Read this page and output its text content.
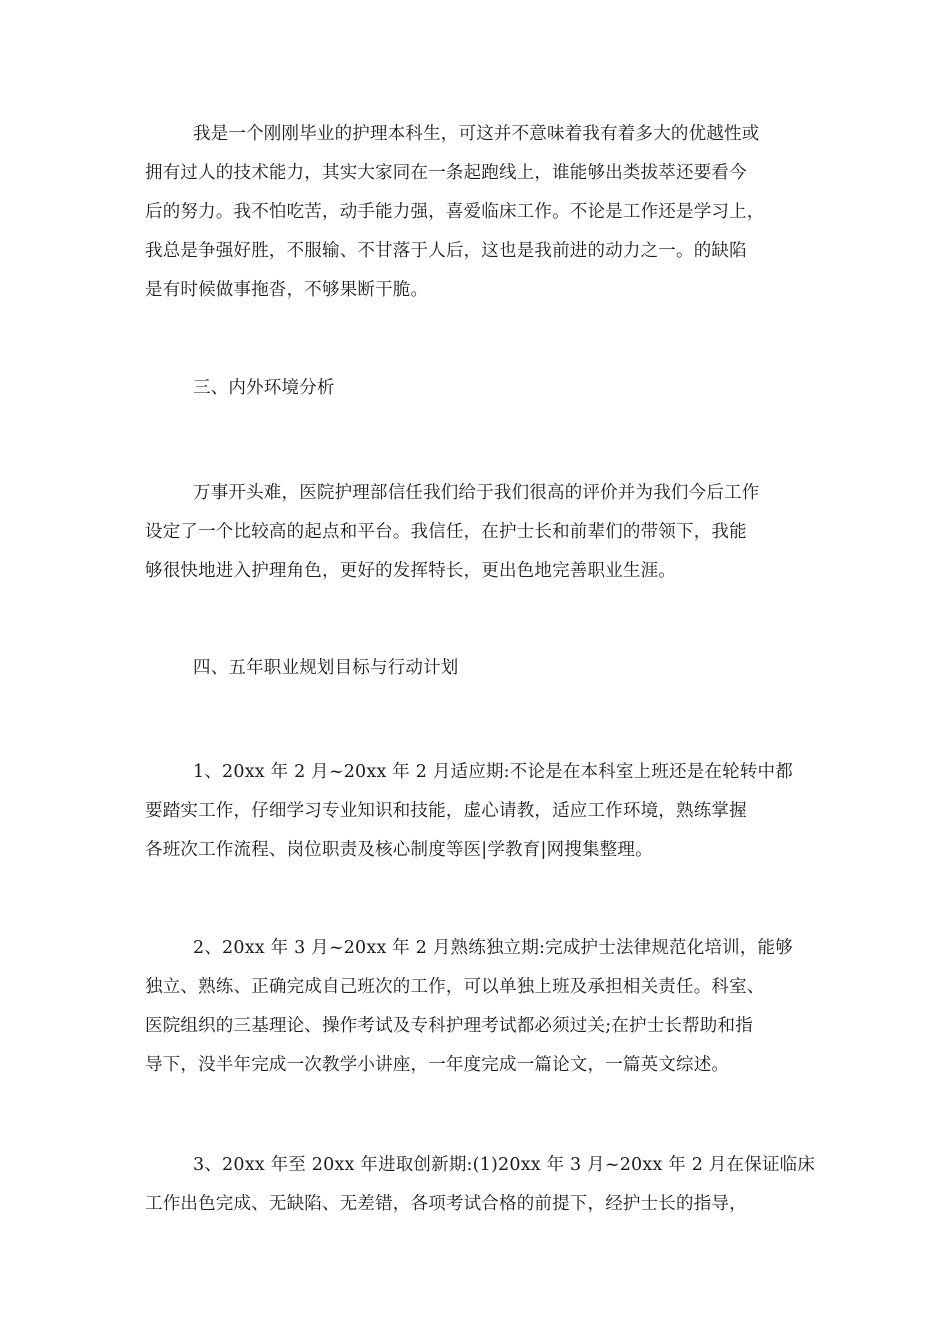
我是一个刚刚毕业的护理本科生，可这并不意味着我有着多大的优越性或
拥有过人的技术能力，其实大家同在一条起跑线上，谁能够出类拔萃还要看今
后的努力。我不怕吃苦，动手能力强，喜爱临床工作。不论是工作还是学习上，
我总是争强好胜，不服输、不甘落于人后，这也是我前进的动力之一。的缺陷
是有时候做事拖沓，不够果断干脆。
三、内外环境分析
万事开头难，医院护理部信任我们给于我们很高的评价并为我们今后工作
设定了一个比较高的起点和平台。我信任，在护士长和前辈们的带领下，我能
够很快地进入护理角色，更好的发挥特长，更出色地完善职业生涯。
四、五年职业规划目标与行动计划
1、20xx 年 2 月~20xx 年 2 月适应期:不论是在本科室上班还是在轮转中都
要踏实工作，仔细学习专业知识和技能，虚心请教，适应工作环境，熟练掌握
各班次工作流程、岗位职责及核心制度等医|学教育|网搜集整理。
2、20xx 年 3 月~20xx 年 2 月熟练独立期:完成护士法律规范化培训，能够
独立、熟练、正确完成自己班次的工作，可以单独上班及承担相关责任。科室、
医院组织的三基理论、操作考试及专科护理考试都必须过关;在护士长帮助和指
导下，没半年完成一次教学小讲座，一年度完成一篇论文，一篇英文综述。
3、20xx 年至 20xx 年进取创新期:(1)20xx 年 3 月~20xx 年 2 月在保证临床
工作出色完成、无缺陷、无差错，各项考试合格的前提下，经护士长的指导，
